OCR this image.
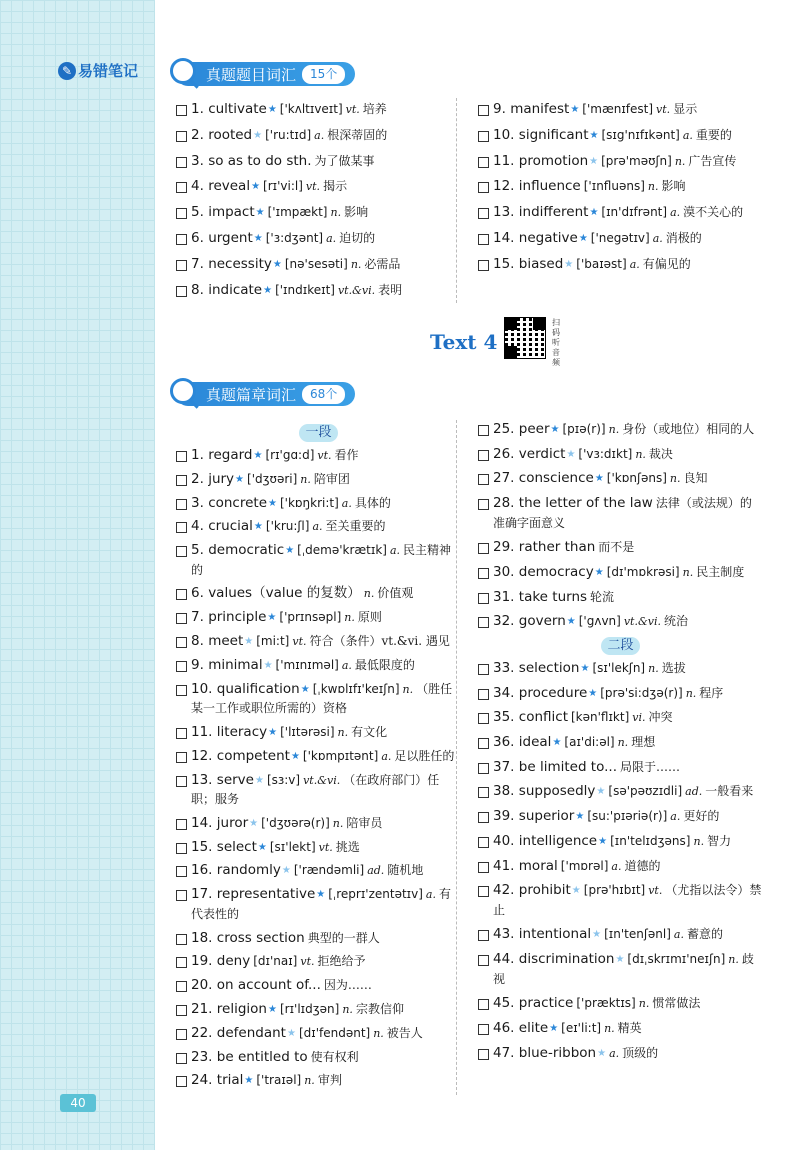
✎ 易错笔记
40
真题题目词汇	15个
1. cultivate★ ['kʌltɪveɪt] vt. 培养
2. rooted★ ['ru:tɪd] a. 根深蒂固的
3. so as to do sth. 为了做某事
4. reveal★ [rɪ'vi:l] vt. 揭示
5. impact★ ['ɪmpækt] n. 影响
6. urgent★ ['ɜ:dʒənt] a. 迫切的
7. necessity★ [nə'sesəti] n. 必需品
8. indicate★ ['ɪndɪkeɪt] vt.&vi. 表明
9. manifest★ ['mænɪfest] vt. 显示
10. significant★ [sɪg'nɪfɪkənt] a. 重要的
11. promotion★ [prə'məʊʃn] n. 广告宣传
12. influence ['ɪnfluəns] n. 影响
13. indifferent★ [ɪn'dɪfrənt] a. 漠不关心的
14. negative★ ['negətɪv] a. 消极的
15. biased★ ['baɪəst] a. 有偏见的
Text 4
扫码听音频
真题篇章词汇	68个
一段
1. regard★ [rɪ'gɑ:d] vt. 看作
2. jury★ ['dʒʊəri] n. 陪审团
3. concrete★ ['kɒŋkri:t] a. 具体的
4. crucial★ ['kru:ʃl] a. 至关重要的
5. democratic★ [ˌdemə'krætɪk] a. 民主精神的
6. values（value 的复数） n. 价值观
7. principle★ ['prɪnsəpl] n. 原则
8. meet★ [mi:t] vt. 符合（条件）vt.&vi. 遇见
9. minimal★ ['mɪnɪməl] a. 最低限度的
10. qualification★ [ˌkwɒlɪfɪ'keɪʃn] n. （胜任某一工作或职位所需的）资格
11. literacy★ ['lɪtərəsi] n. 有文化
12. competent★ ['kɒmpɪtənt] a. 足以胜任的
13. serve★ [sɜ:v] vt.&vi. （在政府部门）任职；服务
14. juror★ ['dʒʊərə(r)] n. 陪审员
15. select★ [sɪ'lekt] vt. 挑选
16. randomly★ ['rændəmli] ad. 随机地
17. representative★ [ˌreprɪ'zentətɪv] a. 有代表性的
18. cross section 典型的一群人
19. deny [dɪ'naɪ] vt. 拒绝给予
20. on account of... 因为……
21. religion★ [rɪ'lɪdʒən] n. 宗教信仰
22. defendant★ [dɪ'fendənt] n. 被告人
23. be entitled to 使有权利
24. trial★ ['traɪəl] n. 审判
25. peer★ [pɪə(r)] n. 身份（或地位）相同的人
26. verdict★ ['vɜ:dɪkt] n. 裁决
27. conscience★ ['kɒnʃəns] n. 良知
28. the letter of the law 法律（或法规）的准确字面意义
29. rather than 而不是
30. democracy★ [dɪ'mɒkrəsi] n. 民主制度
31. take turns 轮流
32. govern★ ['gʌvn] vt.&vi. 统治
二段
33. selection★ [sɪ'lekʃn] n. 选拔
34. procedure★ [prə'si:dʒə(r)] n. 程序
35. conflict [kən'flɪkt] vi. 冲突
36. ideal★ [aɪ'di:əl] n. 理想
37. be limited to... 局限于……
38. supposedly★ [sə'pəʊzɪdli] ad. 一般看来
39. superior★ [su:'pɪəriə(r)] a. 更好的
40. intelligence★ [ɪn'telɪdʒəns] n. 智力
41. moral ['mɒrəl] a. 道德的
42. prohibit★ [prə'hɪbɪt] vt. （尤指以法令）禁止
43. intentional★ [ɪn'tenʃənl] a. 蓄意的
44. discrimination★ [dɪˌskrɪmɪ'neɪʃn] n. 歧视
45. practice ['præktɪs] n. 惯常做法
46. elite★ [eɪ'li:t] n. 精英
47. blue-ribbon★ a. 顶级的
